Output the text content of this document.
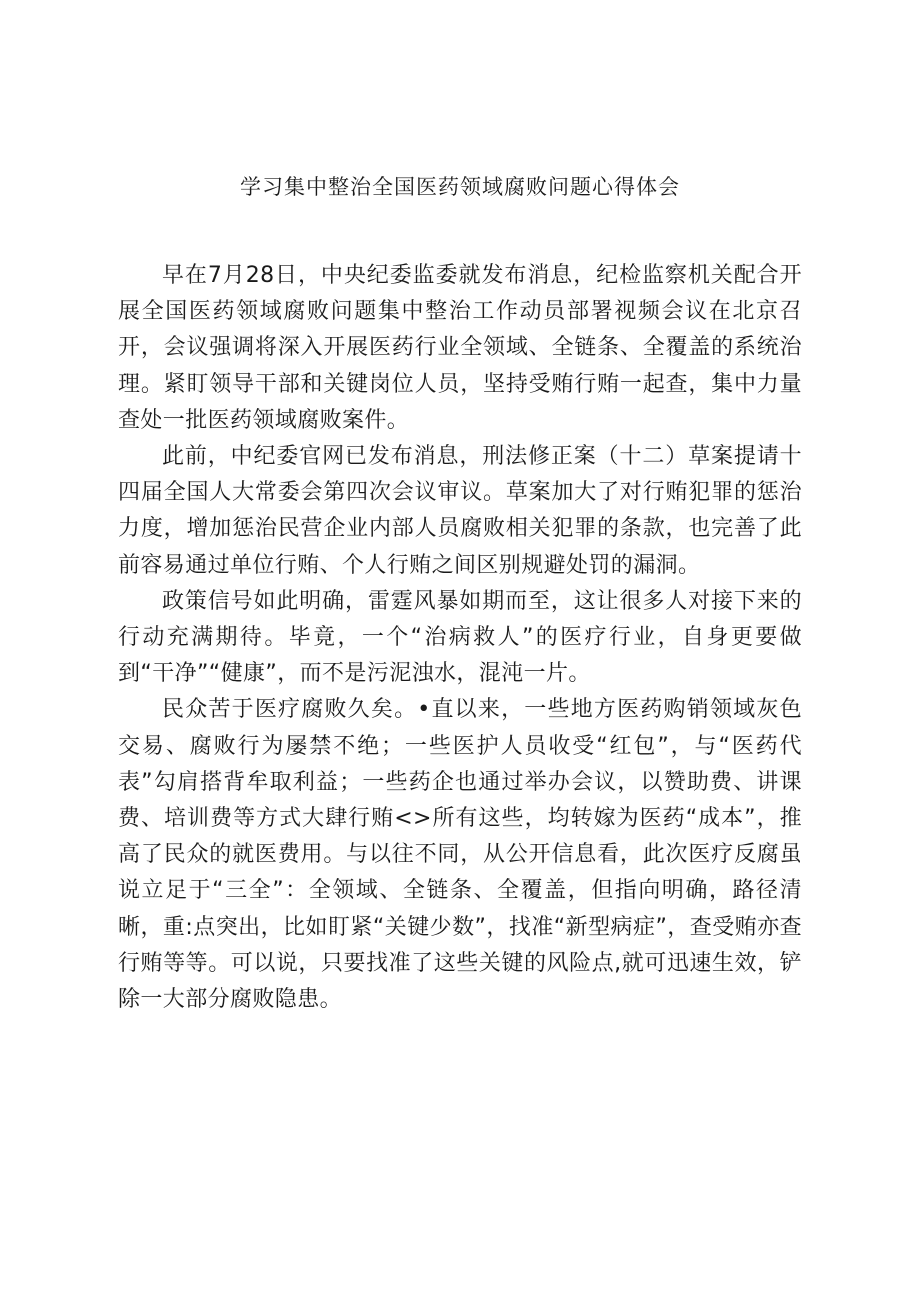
学习集中整治全国医药领域腐败问题心得体会

早在7月28日，中央纪委监委就发布消息，纪检监察机关配合开展全国医药领域腐败问题集中整治工作动员部署视频会议在北京召开，会议强调将深入开展医药行业全领域、全链条、全覆盖的系统治理。紧盯领导干部和关键岗位人员，坚持受贿行贿一起查，集中力量查处一批医药领域腐败案件。

此前，中纪委官网已发布消息，刑法修正案（十二）草案提请十四届全国人大常委会第四次会议审议。草案加大了对行贿犯罪的惩治力度，增加惩治民营企业内部人员腐败相关犯罪的条款，也完善了此前容易通过单位行贿、个人行贿之间区别规避处罚的漏洞。

政策信号如此明确，雷霆风暴如期而至，这让很多人对接下来的行动充满期待。毕竟，一个“治病救人”的医疗行业，自身更要做到“干净”“健康”，而不是污泥浊水，混沌一片。

民众苦于医疗腐败久矣。•直以来，一些地方医药购销领域灰色交易、腐败行为屡禁不绝；一些医护人员收受“红包”，与“医药代表”勾肩搭背牟取利益；一些药企也通过举办会议，以赞助费、讲课费、培训费等方式大肆行贿<>所有这些，均转嫁为医药“成本”，推高了民众的就医费用。与以往不同，从公开信息看，此次医疗反腐虽说立足于“三全”：全领域、全链条、全覆盖，但指向明确，路径清晰，重:点突出，比如盯紧“关键少数”，找准“新型病症”，查受贿亦查行贿等等。可以说，只要找准了这些关键的风险点,就可迅速生效，铲除一大部分腐败隐患。
